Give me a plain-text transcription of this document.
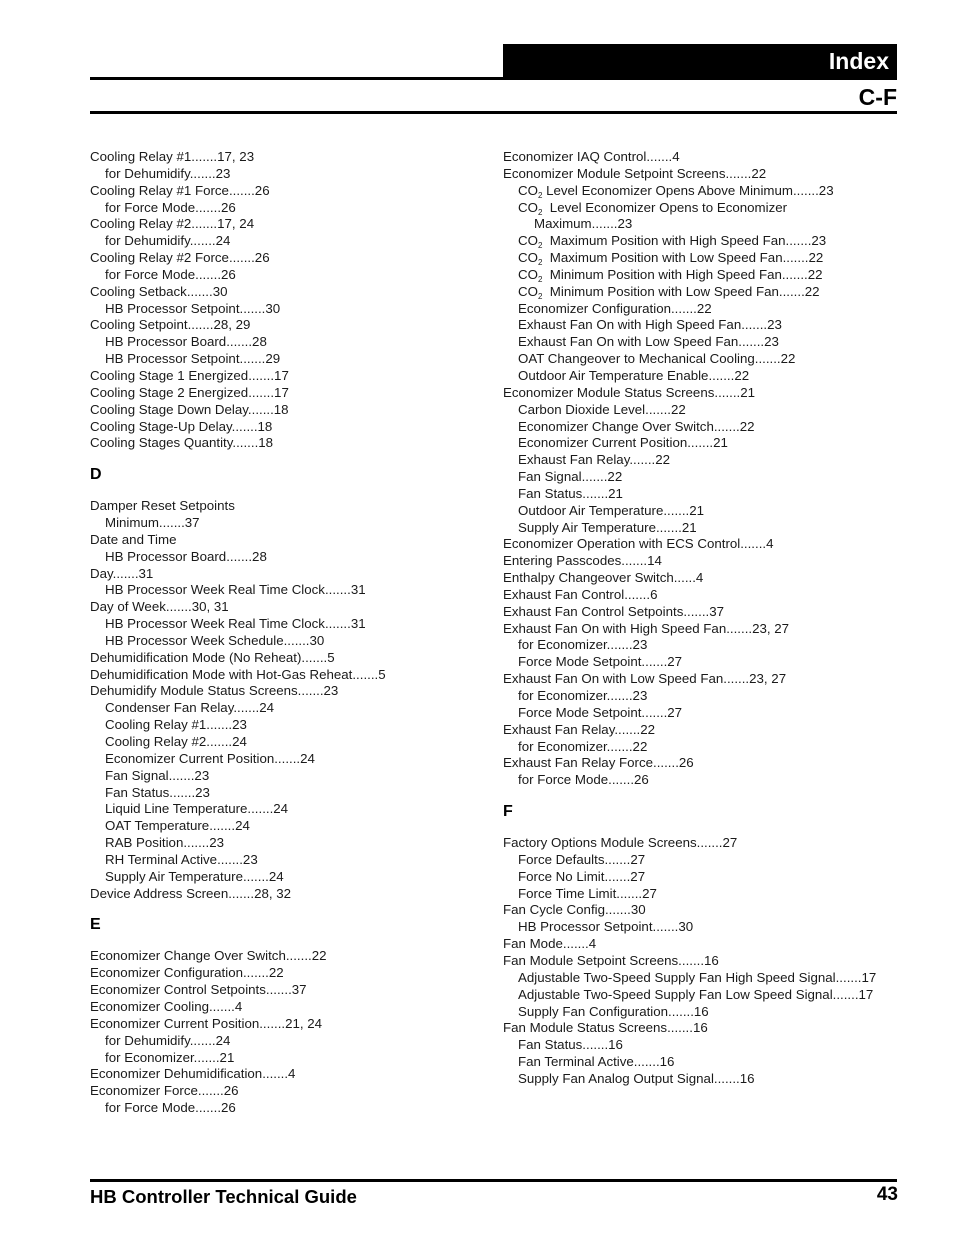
Index
C-F
Cooling Relay #1.......17, 23
for Dehumidify.......23
Cooling Relay #1 Force.......26
for Force Mode.......26
Cooling Relay #2.......17, 24
for Dehumidify.......24
Cooling Relay #2 Force.......26
for Force Mode.......26
Cooling Setback.......30
HB Processor Setpoint.......30
Cooling Setpoint.......28, 29
HB Processor Board.......28
HB Processor Setpoint.......29
Cooling Stage 1 Energized.......17
Cooling Stage 2 Energized.......17
Cooling Stage Down Delay.......18
Cooling Stage-Up Delay.......18
Cooling Stages Quantity.......18
D
Damper Reset Setpoints
Minimum.......37
Date and Time
HB Processor Board.......28
Day.......31
HB Processor Week Real Time Clock.......31
Day of Week.......30, 31
HB Processor Week Real Time Clock.......31
HB Processor Week Schedule.......30
Dehumidification Mode (No Reheat).......5
Dehumidification Mode with Hot-Gas Reheat.......5
Dehumidify Module Status Screens.......23
Condenser Fan Relay.......24
Cooling Relay #1.......23
Cooling Relay #2.......24
Economizer Current Position.......24
Fan Signal.......23
Fan Status.......23
Liquid Line Temperature.......24
OAT Temperature.......24
RAB Position.......23
RH Terminal Active.......23
Supply Air Temperature.......24
Device Address Screen.......28, 32
E
Economizer Change Over Switch.......22
Economizer Configuration.......22
Economizer Control Setpoints.......37
Economizer Cooling.......4
Economizer Current Position.......21, 24
for Dehumidify.......24
for Economizer.......21
Economizer Dehumidification.......4
Economizer Force.......26
for Force Mode.......26
Economizer IAQ Control.......4
Economizer Module Setpoint Screens.......22
$CO_2$ Level Economizer Opens Above Minimum.......23
$CO_2$  Level Economizer Opens to Economizer
Maximum.......23
$CO_2$  Maximum Position with High Speed Fan.......23
$CO_2$  Maximum Position with Low Speed Fan.......22
$CO_2$  Minimum Position with High Speed Fan.......22
$CO_2$  Minimum Position with Low Speed Fan.......22
Economizer Configuration.......22
Exhaust Fan On with High Speed Fan.......23
Exhaust Fan On with Low Speed Fan.......23
OAT Changeover to Mechanical Cooling.......22
Outdoor Air Temperature Enable.......22
Economizer Module Status Screens.......21
Carbon Dioxide Level.......22
Economizer Change Over Switch.......22
Economizer Current Position.......21
Exhaust Fan Relay.......22
Fan Signal.......22
Fan Status.......21
Outdoor Air Temperature.......21
Supply Air Temperature.......21
Economizer Operation with ECS Control.......4
Entering Passcodes.......14
Enthalpy Changeover Switch......4
Exhaust Fan Control.......6
Exhaust Fan Control Setpoints.......37
Exhaust Fan On with High Speed Fan.......23, 27
for Economizer.......23
Force Mode Setpoint.......27
Exhaust Fan On with Low Speed Fan.......23, 27
for Economizer.......23
Force Mode Setpoint.......27
Exhaust Fan Relay.......22
for Economizer.......22
Exhaust Fan Relay Force.......26
for Force Mode.......26
F
Factory Options Module Screens.......27
Force Defaults.......27
Force No Limit.......27
Force Time Limit.......27
Fan Cycle Config.......30
HB Processor Setpoint.......30
Fan Mode.......4
Fan Module Setpoint Screens.......16
Adjustable Two-Speed Supply Fan High Speed Signal.......17
Adjustable Two-Speed Supply Fan Low Speed Signal.......17
Supply Fan Configuration.......16
Fan Module Status Screens.......16
Fan Status.......16
Fan Terminal Active.......16
Supply Fan Analog Output Signal.......16
HB Controller Technical Guide	43
